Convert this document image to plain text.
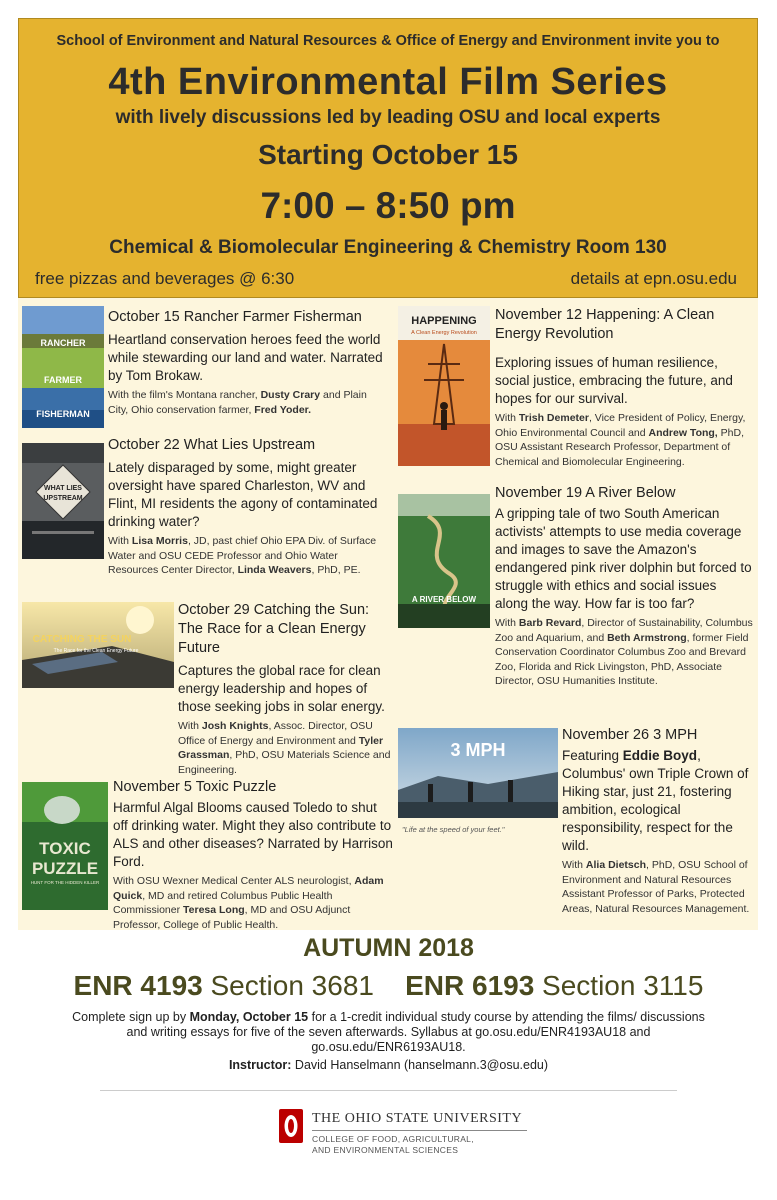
School of Environment and Natural Resources & Office of Energy and Environment invite you to
4th Environmental Film Series
with lively discussions led by leading OSU and local experts
Starting October 15
7:00 – 8:50 pm
Chemical & Biomolecular Engineering & Chemistry Room 130
free pizzas and beverages @ 6:30	details at epn.osu.edu
RANCHER
FARMER
FISHERMAN
October 15 Rancher Farmer Fisherman
Heartland conservation heroes feed the world while stewarding our land and water. Narrated by Tom Brokaw.
With the film's Montana rancher, Dusty Crary and Plain City, Ohio conservation farmer, Fred Yoder.
WHAT LIES
UPSTREAM
October 22 What Lies Upstream
Lately disparaged by some, might greater oversight have spared Charleston, WV and Flint, MI residents the agony of contaminated drinking water?
With Lisa Morris, JD, past chief Ohio EPA Div. of Surface Water and OSU CEDE Professor and Ohio Water Resources Center Director, Linda Weavers, PhD, PE.
CATCHING THE SUN
The Race for the Clean Energy Future
October 29 Catching the Sun: The Race for a Clean Energy Future
Captures the global race for clean energy leadership and hopes of those seeking jobs in solar energy.
With Josh Knights, Assoc. Director, OSU Office of Energy and Environment and Tyler Grassman, PhD, OSU Materials Science and Engineering.
TOXIC
PUZZLE
HUNT FOR THE HIDDEN KILLER
November 5 Toxic Puzzle
Harmful Algal Blooms caused Toledo to shut off drinking water. Might they also contribute to ALS and other diseases? Narrated by Harrison Ford.
With OSU Wexner Medical Center ALS neurologist, Adam Quick, MD and retired Columbus Public Health Commissioner Teresa Long, MD and OSU Adjunct Professor, College of Public Health.
HAPPENING
A Clean Energy Revolution
November 12 Happening: A Clean Energy Revolution
Exploring issues of human resilience, social justice, embracing the future, and hopes for our survival.
With Trish Demeter, Vice President of Policy, Energy, Ohio Environmental Council and Andrew Tong, PhD, OSU Assistant Research Professor, Department of Chemical and Biomolecular Engineering.
A RIVER BELOW
November 19 A River Below
A gripping tale of two South American activists' attempts to use media coverage and images to save the Amazon's endangered pink river dolphin but forced to struggle with ethics and social issues along the way. How far is too far?
With Barb Revard, Director of Sustainability, Columbus Zoo and Aquarium, and Beth Armstrong, former Field Conservation Coordinator Columbus Zoo and Brevard Zoo, Florida and Rick Livingston, PhD, Associate Director, OSU Humanities Institute.
3 MPH
"Life at the speed of your feet."
November 26 3 MPH
Featuring Eddie Boyd, Columbus' own Triple Crown of Hiking star, just 21, fostering ambition, ecological responsibility, respect for the wild.
With Alia Dietsch, PhD, OSU School of Environment and Natural Resources Assistant Professor of Parks, Protected Areas, Natural Resources Management.
AUTUMN 2018
ENR 4193 Section 3681 ENR 6193 Section 3115
Complete sign up by Monday, October 15 for a 1-credit individual study course by attending the films/ discussions and writing essays for five of the seven afterwards. Syllabus at go.osu.edu/ENR4193AU18 and go.osu.edu/ENR6193AU18.
Instructor: David Hanselmann (hanselmann.3@osu.edu)
THE OHIO STATE UNIVERSITY
COLLEGE OF FOOD, AGRICULTURAL,
AND ENVIRONMENTAL SCIENCES
